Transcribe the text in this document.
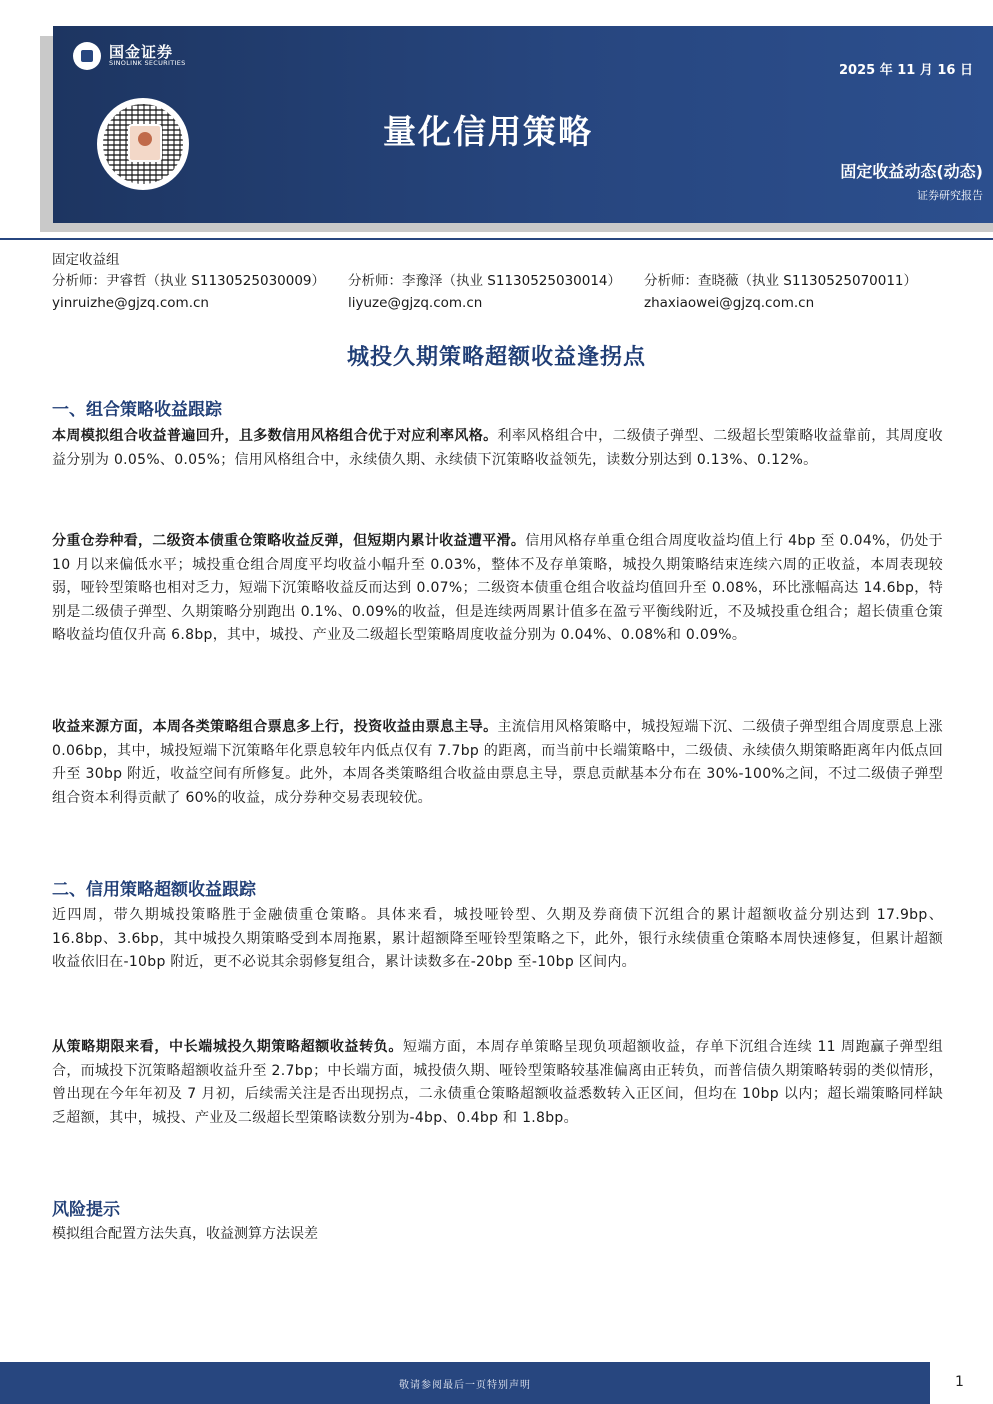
国金证券
SINOLINK SECURITIES	2025 年 11 月 16 日
量化信用策略
固定收益动态(动态)
证券研究报告
固定收益组
分析师：尹睿哲（执业 S1130525030009）	分析师：李豫泽（执业 S1130525030014）	分析师：查晓薇（执业 S1130525070011）
yinruizhe@gjzq.com.cn	liyuze@gjzq.com.cn	zhaxiaowei@gjzq.com.cn
城投久期策略超额收益逢拐点
一、组合策略收益跟踪

本周模拟组合收益普遍回升，且多数信用风格组合优于对应利率风格。利率风格组合中，二级债子弹型、二级超长型策略收益靠前，其周度收益分别为 0.05%、0.05%；信用风格组合中，永续债久期、永续债下沉策略收益领先，读数分别达到 0.13%、0.12%。

分重仓券种看，二级资本债重仓策略收益反弹，但短期内累计收益遭平滑。信用风格存单重仓组合周度收益均值上行 4bp 至 0.04%，仍处于 10 月以来偏低水平；城投重仓组合周度平均收益小幅升至 0.03%，整体不及存单策略，城投久期策略结束连续六周的正收益，本周表现较弱，哑铃型策略也相对乏力，短端下沉策略收益反而达到 0.07%；二级资本债重仓组合收益均值回升至 0.08%，环比涨幅高达 14.6bp，特别是二级债子弹型、久期策略分别跑出 0.1%、0.09%的收益，但是连续两周累计值多在盈亏平衡线附近，不及城投重仓组合；超长债重仓策略收益均值仅升高 6.8bp，其中，城投、产业及二级超长型策略周度收益分别为 0.04%、0.08%和 0.09%。

收益来源方面，本周各类策略组合票息多上行，投资收益由票息主导。主流信用风格策略中，城投短端下沉、二级债子弹型组合周度票息上涨 0.06bp，其中，城投短端下沉策略年化票息较年内低点仅有 7.7bp 的距离，而当前中长端策略中，二级债、永续债久期策略距离年内低点回升至 30bp 附近，收益空间有所修复。此外，本周各类策略组合收益由票息主导，票息贡献基本分布在 30%-100%之间，不过二级债子弹型组合资本利得贡献了 60%的收益，成分券种交易表现较优。

二、信用策略超额收益跟踪

近四周，带久期城投策略胜于金融债重仓策略。具体来看，城投哑铃型、久期及券商债下沉组合的累计超额收益分别达到 17.9bp、16.8bp、3.6bp，其中城投久期策略受到本周拖累，累计超额降至哑铃型策略之下，此外，银行永续债重仓策略本周快速修复，但累计超额收益依旧在-10bp 附近，更不必说其余弱修复组合，累计读数多在-20bp 至-10bp 区间内。

从策略期限来看，中长端城投久期策略超额收益转负。短端方面，本周存单策略呈现负项超额收益，存单下沉组合连续 11 周跑赢子弹型组合，而城投下沉策略超额收益升至 2.7bp；中长端方面，城投债久期、哑铃型策略较基准偏离由正转负，而普信债久期策略转弱的类似情形，曾出现在今年年初及 7 月初，后续需关注是否出现拐点，二永债重仓策略超额收益悉数转入正区间，但均在 10bp 以内；超长端策略同样缺乏超额，其中，城投、产业及二级超长型策略读数分别为-4bp、0.4bp 和 1.8bp。

风险提示
模拟组合配置方法失真，收益测算方法误差
敬请参阅最后一页特别声明	1
